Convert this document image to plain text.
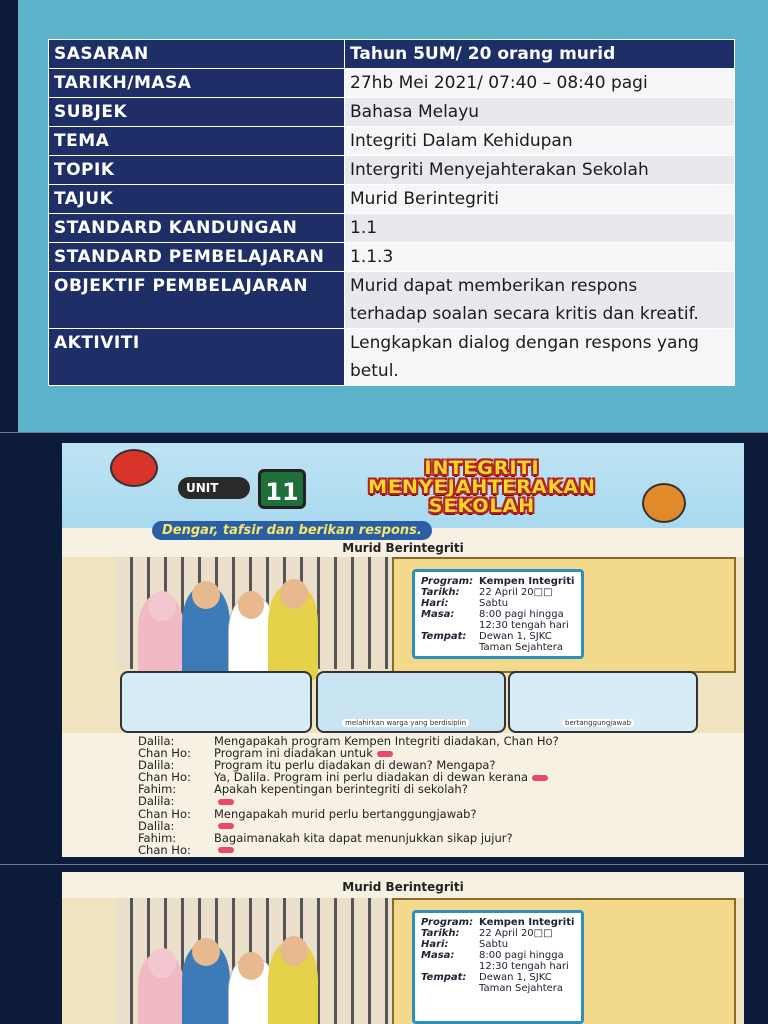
SASARAN	Tahun 5UM/ 20 orang murid

TARIKH/MASA	27hb Mei 2021/ 07:40 – 08:40 pagi

SUBJEK	Bahasa Melayu

TEMA	Integriti Dalam Kehidupan

TOPIK	Intergriti Menyejahterakan Sekolah

TAJUK	Murid Berintegriti

STANDARD KANDUNGAN	1.1

STANDARD PEMBELAJARAN	1.1.3

OBJEKTIF PEMBELAJARAN	Murid dapat memberikan respons
terhadap soalan secara kritis dan kreatif.

AKTIVITI	Lengkapkan dialog dengan respons yang
betul.
UNIT	11
INTEGRITI
MENYEJAHTERAKAN
SEKOLAH
Dengar, tafsir dan berikan respons.
Murid Berintegriti
Program: Kempen Integriti
Tarikh:	22 April 20□□
Hari:	Sabtu
Masa:	8:00 pagi hingga
12:30 tengah hari
Tempat:	Dewan 1, SJKC
Taman Sejahtera
melahirkan warga yang berdisiplin	bertanggungjawab
Dalila:	Mengapakah program Kempen Integriti diadakan, Chan Ho?
Chan Ho:	Program ini diadakan untuk
Dalila:	Program itu perlu diadakan di dewan? Mengapa?
Chan Ho:	Ya, Dalila. Program ini perlu diadakan di dewan kerana
Fahim:	Apakah kepentingan berintegriti di sekolah?
Dalila:
Chan Ho:	Mengapakah murid perlu bertanggungjawab?
Dalila:
Fahim:	Bagaimanakah kita dapat menunjukkan sikap jujur?
Chan Ho:
Murid Berintegriti
Program: Kempen Integriti
Tarikh:	22 April 20□□
Hari:	Sabtu
Masa:	8:00 pagi hingga
12:30 tengah hari
Tempat:	Dewan 1, SJKC
Taman Sejahtera
